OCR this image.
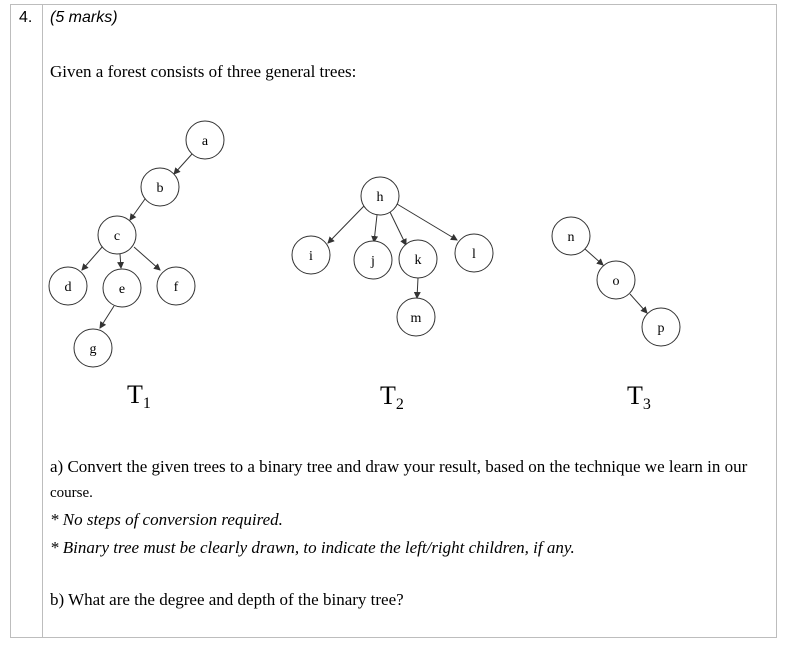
4. (5 marks)
Given a forest consists of three general trees:
a
b
c
d	e	f
g
h
i	j	k	l
m
n
o
p
$T_1$	$T_2$	$T_3$
a) Convert the given trees to a binary tree and draw your result, based on the technique we learn in our
course.
* No steps of conversion required.
* Binary tree must be clearly drawn, to indicate the left/right children, if any.
b) What are the degree and depth of the binary tree?
